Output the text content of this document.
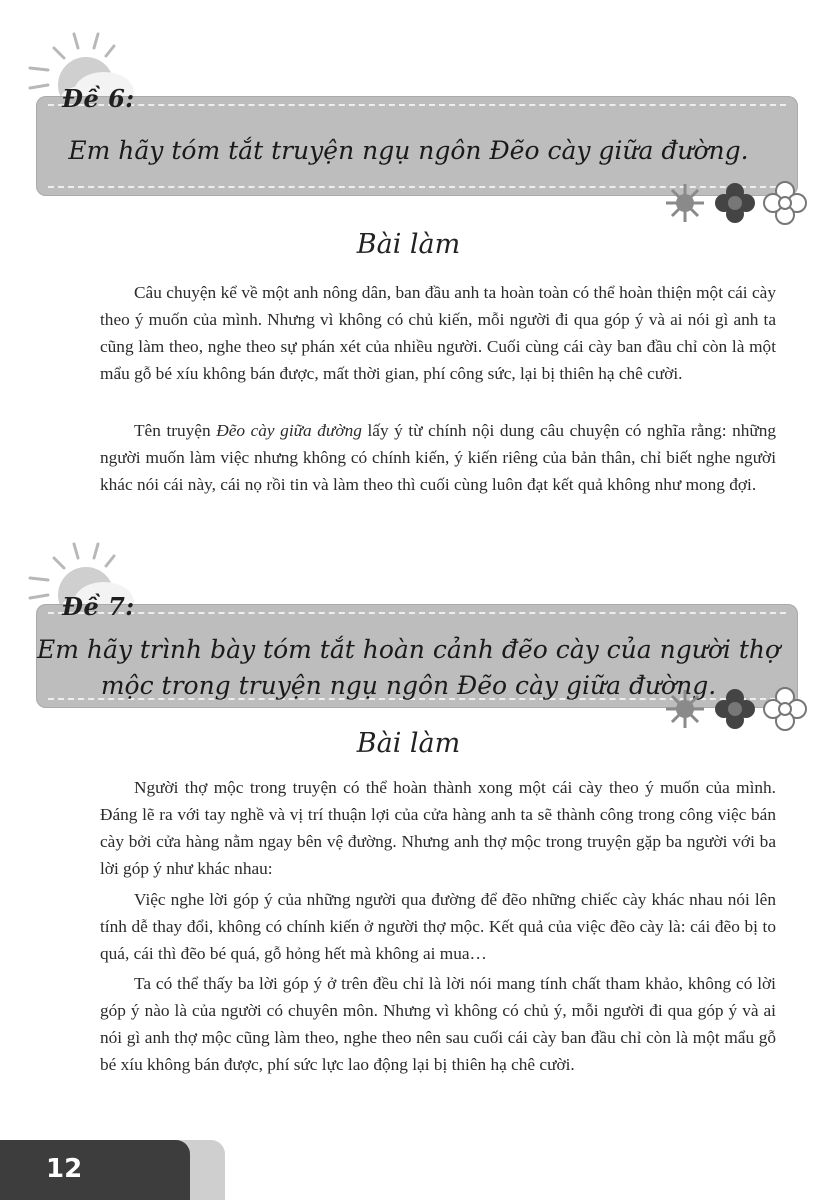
Đề 6:
Em hãy tóm tắt truyện ngụ ngôn Đẽo cày giữa đường.
Bài làm

Câu chuyện kể về một anh nông dân, ban đầu anh ta hoàn toàn có thể hoàn thiện một cái cày theo ý muốn của mình. Nhưng vì không có chủ kiến, mỗi người đi qua góp ý và ai nói gì anh ta cũng làm theo, nghe theo sự phán xét của nhiều người. Cuối cùng cái cày ban đầu chỉ còn là một mẩu gỗ bé xíu không bán được, mất thời gian, phí công sức, lại bị thiên hạ chê cười.

Tên truyện Đẽo cày giữa đường lấy ý từ chính nội dung câu chuyện có nghĩa rằng: những người muốn làm việc nhưng không có chính kiến, ý kiến riêng của bản thân, chỉ biết nghe người khác nói cái này, cái nọ rồi tin và làm theo thì cuối cùng luôn đạt kết quả không như mong đợi.

Đề 7:
Em hãy trình bày tóm tắt hoàn cảnh đẽo cày của người thợ
mộc trong truyện ngụ ngôn Đẽo cày giữa đường.
Bài làm

Người thợ mộc trong truyện có thể hoàn thành xong một cái cày theo ý muốn của mình. Đáng lẽ ra với tay nghề và vị trí thuận lợi của cửa hàng anh ta sẽ thành công trong công việc bán cày bởi cửa hàng nằm ngay bên vệ đường. Nhưng anh thợ mộc trong truyện gặp ba người với ba lời góp ý như khác nhau:

Việc nghe lời góp ý của những người qua đường để đẽo những chiếc cày khác nhau nói lên tính dễ thay đổi, không có chính kiến ở người thợ mộc. Kết quả của việc đẽo cày là: cái đẽo bị to quá, cái thì đẽo bé quá, gỗ hỏng hết mà không ai mua…

Ta có thể thấy ba lời góp ý ở trên đều chỉ là lời nói mang tính chất tham khảo, không có lời góp ý nào là của người có chuyên môn. Nhưng vì không có chủ ý, mỗi người đi qua góp ý và ai nói gì anh thợ mộc cũng làm theo, nghe theo nên sau cuối cái cày ban đầu chỉ còn là một mẩu gỗ bé xíu không bán được, phí sức lực lao động lại bị thiên hạ chê cười.

12
